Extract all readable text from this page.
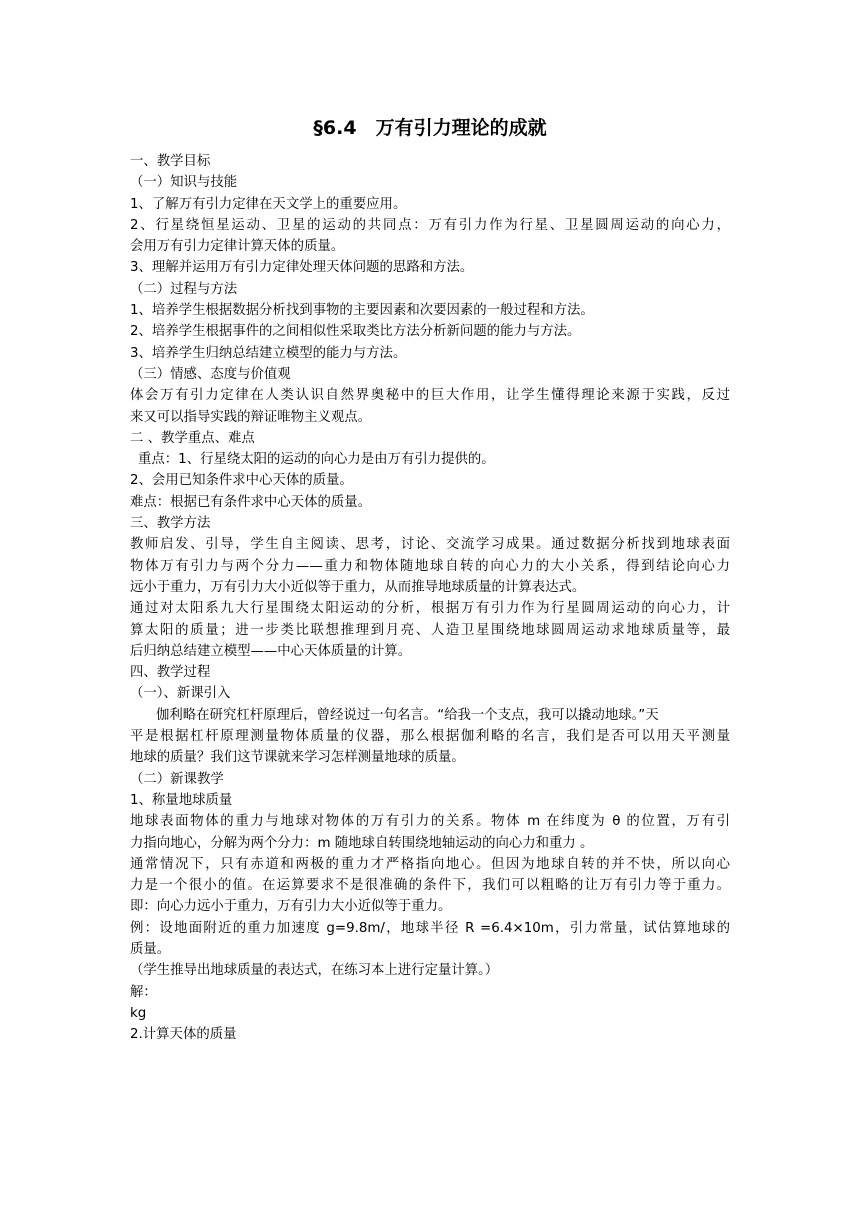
§6.4　万有引力理论的成就
一、教学目标
（一）知识与技能
1、了解万有引力定律在天文学上的重要应用。
2、行星绕恒星运动、卫星的运动的共同点：万有引力作为行星、卫星圆周运动的向心力，
会用万有引力定律计算天体的质量。
3、理解并运用万有引力定律处理天体问题的思路和方法。
（二）过程与方法
1、培养学生根据数据分析找到事物的主要因素和次要因素的一般过程和方法。
2、培养学生根据事件的之间相似性采取类比方法分析新问题的能力与方法。
3、培养学生归纳总结建立模型的能力与方法。
（三）情感、态度与价值观
体会万有引力定律在人类认识自然界奥秘中的巨大作用，让学生懂得理论来源于实践，反过
来又可以指导实践的辩证唯物主义观点。
二 、教学重点、难点
重点：1、行星绕太阳的运动的向心力是由万有引力提供的。
2、会用已知条件求中心天体的质量。
难点：根据已有条件求中心天体的质量。
三、教学方法
教师启发、引导，学生自主阅读、思考，讨论、交流学习成果。通过数据分析找到地球表面
物体万有引力与两个分力——重力和物体随地球自转的向心力的大小关系，得到结论向心力
远小于重力，万有引力大小近似等于重力，从而推导地球质量的计算表达式。
通过对太阳系九大行星围绕太阳运动的分析，根据万有引力作为行星圆周运动的向心力，计
算太阳的质量；进一步类比联想推理到月亮、人造卫星围绕地球圆周运动求地球质量等，最
后归纳总结建立模型——中心天体质量的计算。
四、教学过程
（一）、新课引入
伽利略在研究杠杆原理后，曾经说过一句名言。“给我一个支点，我可以撬动地球。”天
平是根据杠杆原理测量物体质量的仪器，那么根据伽利略的名言，我们是否可以用天平测量
地球的质量？我们这节课就来学习怎样测量地球的质量。
（二）新课教学
1、称量地球质量
地球表面物体的重力与地球对物体的万有引力的关系。物体 m 在纬度为 θ 的位置，万有引
力指向地心，分解为两个分力：m 随地球自转围绕地轴运动的向心力和重力 。
通常情况下，只有赤道和两极的重力才严格指向地心。但因为地球自转的并不快，所以向心
力是一个很小的值。在运算要求不是很准确的条件下，我们可以粗略的让万有引力等于重力。
即：向心力远小于重力，万有引力大小近似等于重力。
例：设地面附近的重力加速度 g=9.8m/，地球半径 R =6.4×10m，引力常量，试估算地球的
质量。
（学生推导出地球质量的表达式，在练习本上进行定量计算。）
解：
kg
2.计算天体的质量
